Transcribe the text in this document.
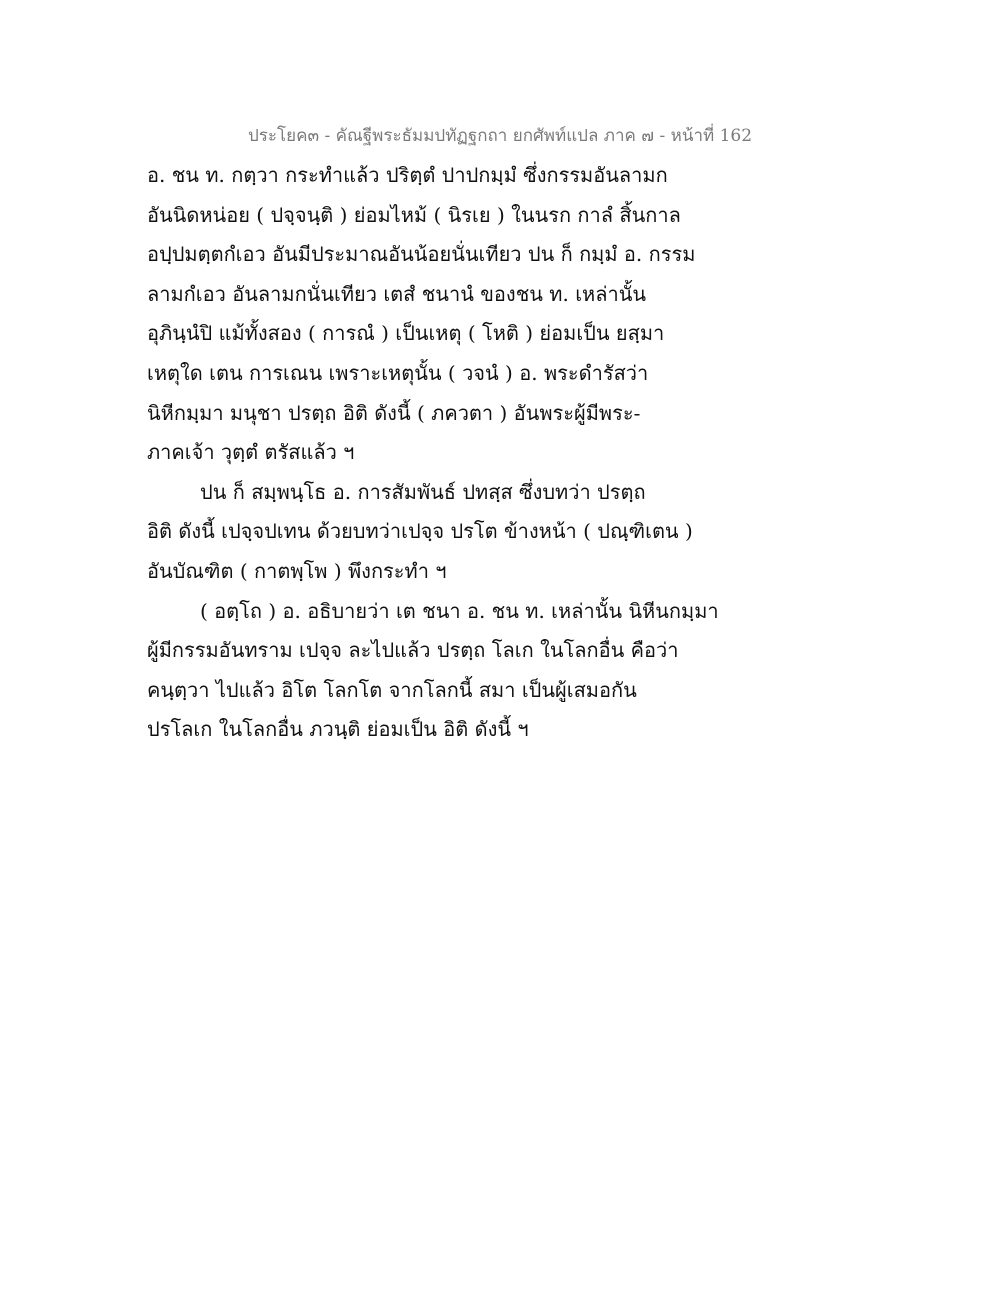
ประโยค๓ - คัณฐีพระธัมมปทัฏฐกถา ยกศัพท์แปล ภาค ๗ - หน้าที่ 162
อ. ชน ท. กตฺวา กระทำแล้ว ปริตฺตํ ปาปกมฺมํ ซึ่งกรรมอันลามก
อันนิดหน่อย ( ปจฺจนฺติ ) ย่อมไหม้ ( นิรเย ) ในนรก กาลํ สิ้นกาล
อปฺปมตฺตกํเอว อันมีประมาณอันน้อยนั่นเทียว ปน ก็ กมฺมํ อ. กรรม
ลามกํเอว อันลามกนั่นเทียว เตสํ ชนานํ ของชน ท. เหล่านั้น
อุภินฺนํปิ แม้ทั้งสอง ( การณํ ) เป็นเหตุ ( โหติ ) ย่อมเป็น ยสฺมา
เหตุใด เตน การเณน เพราะเหตุนั้น ( วจนํ ) อ. พระดำรัสว่า
นิหีกมฺมา มนุชา ปรตฺถ อิติ ดังนี้ ( ภควตา ) อันพระผู้มีพระ-
ภาคเจ้า วุตฺตํ ตรัสแล้ว ฯ
ปน ก็ สมฺพนฺโธ อ. การสัมพันธ์ ปทสฺส ซึ่งบทว่า ปรตฺถ
อิติ ดังนี้ เปจฺจปเทน ด้วยบทว่าเปจฺจ ปรโต ข้างหน้า ( ปณฺฑิเตน )
อันบัณฑิต ( กาตพฺโพ ) พึงกระทำ ฯ
( อตฺโถ ) อ. อธิบายว่า เต ชนา อ. ชน ท. เหล่านั้น นิหีนกมฺมา
ผู้มีกรรมอันทราม เปจฺจ ละไปแล้ว ปรตฺถ โลเก ในโลกอื่น คือว่า
คนฺตฺวา ไปแล้ว อิโต โลกโต จากโลกนี้ สมา เป็นผู้เสมอกัน
ปรโลเก ในโลกอื่น ภวนฺติ ย่อมเป็น อิติ ดังนี้ ฯ
